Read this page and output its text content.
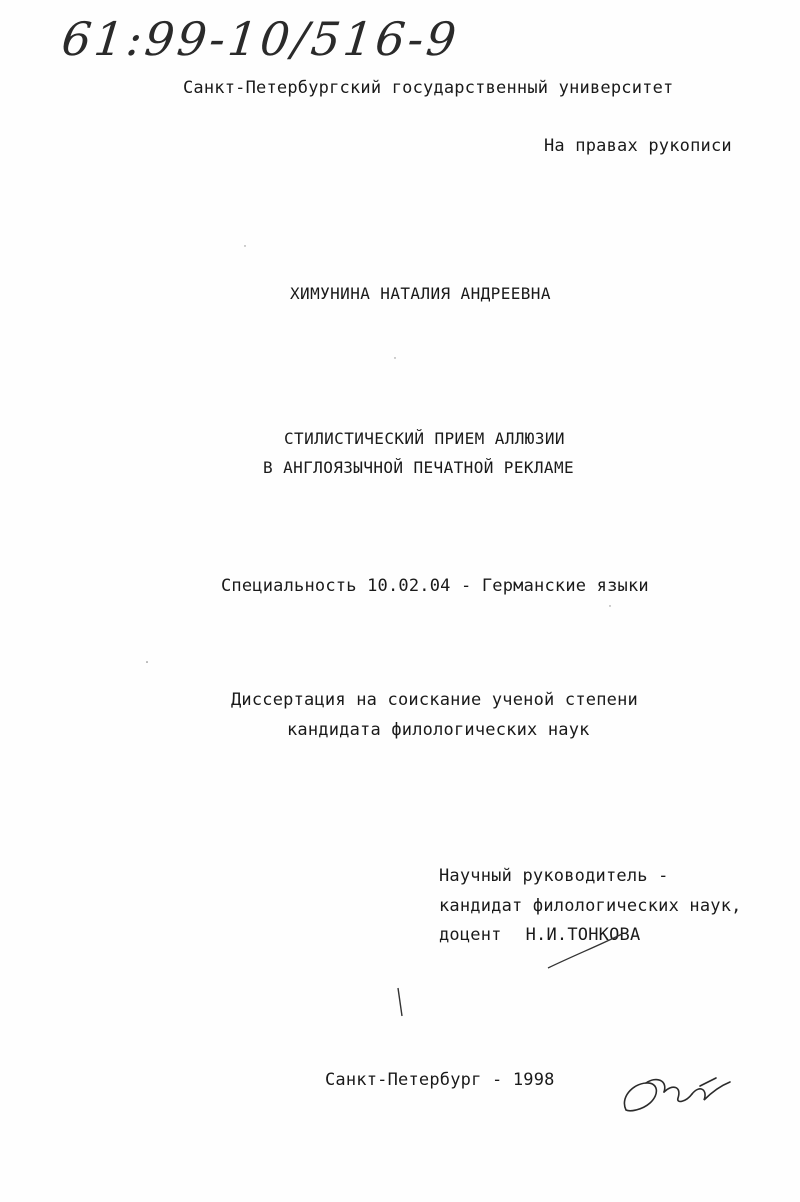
61:99-10/516-9
Санкт-Петербургский государственный университет
На правах рукописи
ХИМУНИНА НАТАЛИЯ АНДРЕЕВНА
СТИЛИСТИЧЕСКИЙ ПРИЕМ АЛЛЮЗИИ
В АНГЛОЯЗЫЧНОЙ ПЕЧАТНОЙ РЕКЛАМЕ
Специальность 10.02.04 - Германские языки
Диссертация на соискание ученой степени
кандидата филологических наук
Научный руководитель -
кандидат филологических наук,
доцент Н.И.ТОНКОВА
Санкт-Петербург - 1998
